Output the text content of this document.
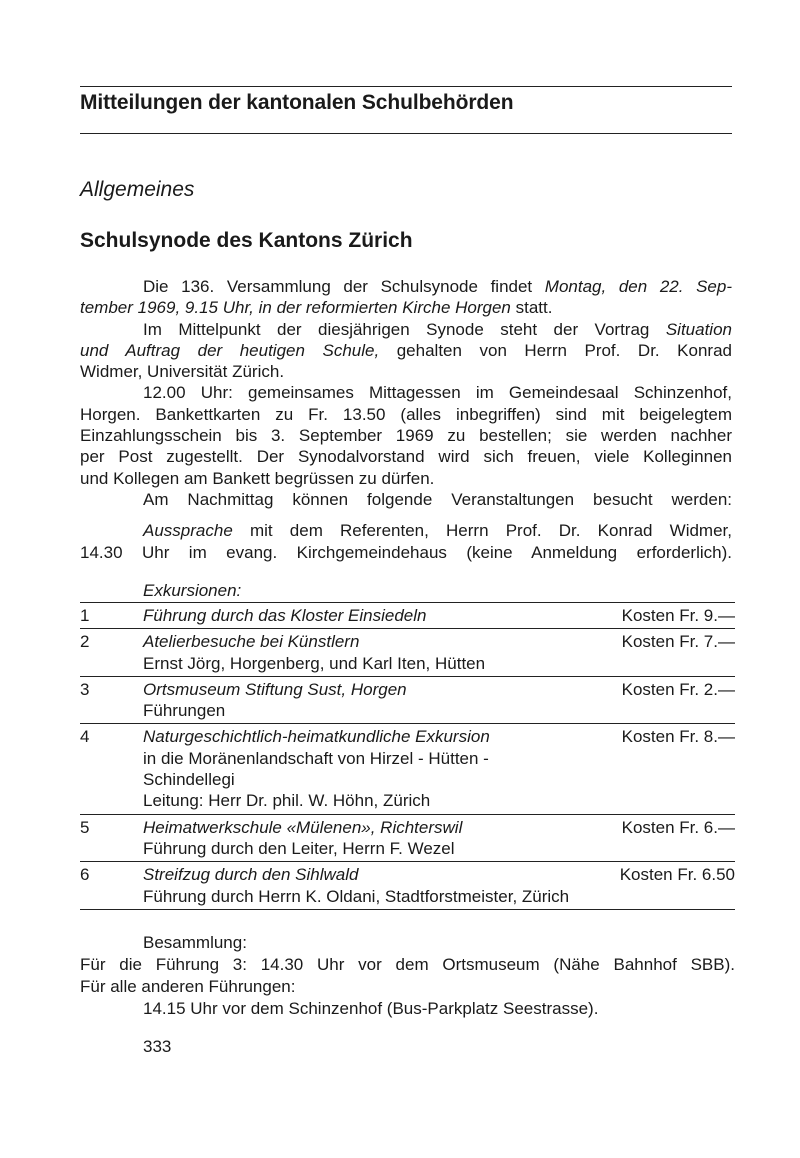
Mitteilungen der kantonalen Schulbehörden
Allgemeines
Schulsynode des Kantons Zürich
Die 136. Versammlung der Schulsynode findet Montag, den 22. Sep-
tember 1969, 9.15 Uhr, in der reformierten Kirche Horgen statt.
Im Mittelpunkt der diesjährigen Synode steht der Vortrag Situation
und Auftrag der heutigen Schule, gehalten von Herrn Prof. Dr. Konrad
Widmer, Universität Zürich.
12.00 Uhr: gemeinsames Mittagessen im Gemeindesaal Schinzenhof,
Horgen. Bankettkarten zu Fr. 13.50 (alles inbegriffen) sind mit beigelegtem
Einzahlungsschein bis 3. September 1969 zu bestellen; sie werden nachher
per Post zugestellt. Der Synodalvorstand wird sich freuen, viele Kolleginnen
und Kollegen am Bankett begrüssen zu dürfen.
Am Nachmittag können folgende Veranstaltungen besucht werden:
Aussprache mit dem Referenten, Herrn Prof. Dr. Konrad Widmer,
14.30 Uhr im evang. Kirchgemeindehaus (keine Anmeldung erforderlich).
Exkursionen:
1	Führung durch das Kloster Einsiedeln	Kosten Fr. 9.—
2	Atelierbesuche bei Künstlern
Ernst Jörg, Horgenberg, und Karl Iten, Hütten
Kosten Fr. 7.—
3	Ortsmuseum Stiftung Sust, Horgen
Führungen
Kosten Fr. 2.—
4	Naturgeschichtlich-heimatkundliche Exkursion
in die Moränenlandschaft von Hirzel - Hütten -
Schindellegi
Leitung: Herr Dr. phil. W. Höhn, Zürich
Kosten Fr. 8.—
5	Heimatwerkschule «Mülenen», Richterswil
Führung durch den Leiter, Herrn F. Wezel
Kosten Fr. 6.—
6	Streifzug durch den Sihlwald
Führung durch Herrn K. Oldani, Stadtforstmeister, Zürich
Kosten Fr. 6.50
Besammlung:
Für die Führung 3: 14.30 Uhr vor dem Ortsmuseum (Nähe Bahnhof SBB).
Für alle anderen Führungen:
14.15 Uhr vor dem Schinzenhof (Bus-Parkplatz Seestrasse).
333
